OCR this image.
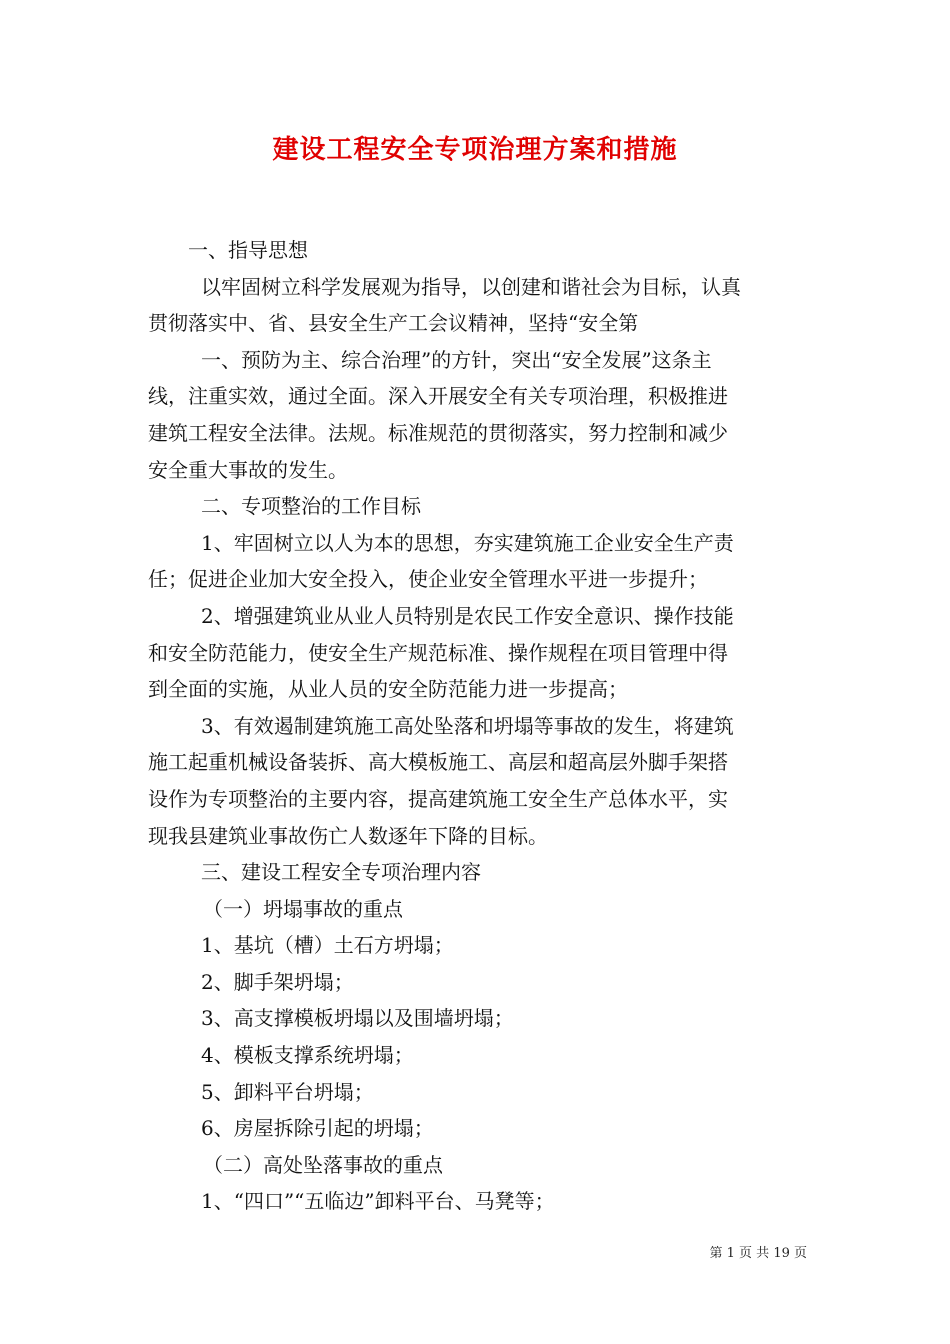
建设工程安全专项治理方案和措施
一、指导思想
以牢固树立科学发展观为指导，以创建和谐社会为目标，认真
贯彻落实中、省、县安全生产工会议精神，坚持“安全第
一、预防为主、综合治理”的方针，突出“安全发展”这条主
线，注重实效，通过全面。深入开展安全有关专项治理，积极推进
建筑工程安全法律。法规。标准规范的贯彻落实，努力控制和减少
安全重大事故的发生。
二、专项整治的工作目标
1、牢固树立以人为本的思想，夯实建筑施工企业安全生产责
任；促进企业加大安全投入，使企业安全管理水平进一步提升；
2、增强建筑业从业人员特别是农民工作安全意识、操作技能
和安全防范能力，使安全生产规范标准、操作规程在项目管理中得
到全面的实施，从业人员的安全防范能力进一步提高；
3、有效遏制建筑施工高处坠落和坍塌等事故的发生，将建筑
施工起重机械设备装拆、高大模板施工、高层和超高层外脚手架搭
设作为专项整治的主要内容，提高建筑施工安全生产总体水平，实
现我县建筑业事故伤亡人数逐年下降的目标。
三、建设工程安全专项治理内容
（一）坍塌事故的重点
1、基坑（槽）土石方坍塌；
2、脚手架坍塌；
3、高支撑模板坍塌以及围墙坍塌；
4、模板支撑系统坍塌；
5、卸料平台坍塌；
6、房屋拆除引起的坍塌；
（二）高处坠落事故的重点
1、“四口”“五临边”卸料平台、马凳等；
第 1 页 共 19 页
